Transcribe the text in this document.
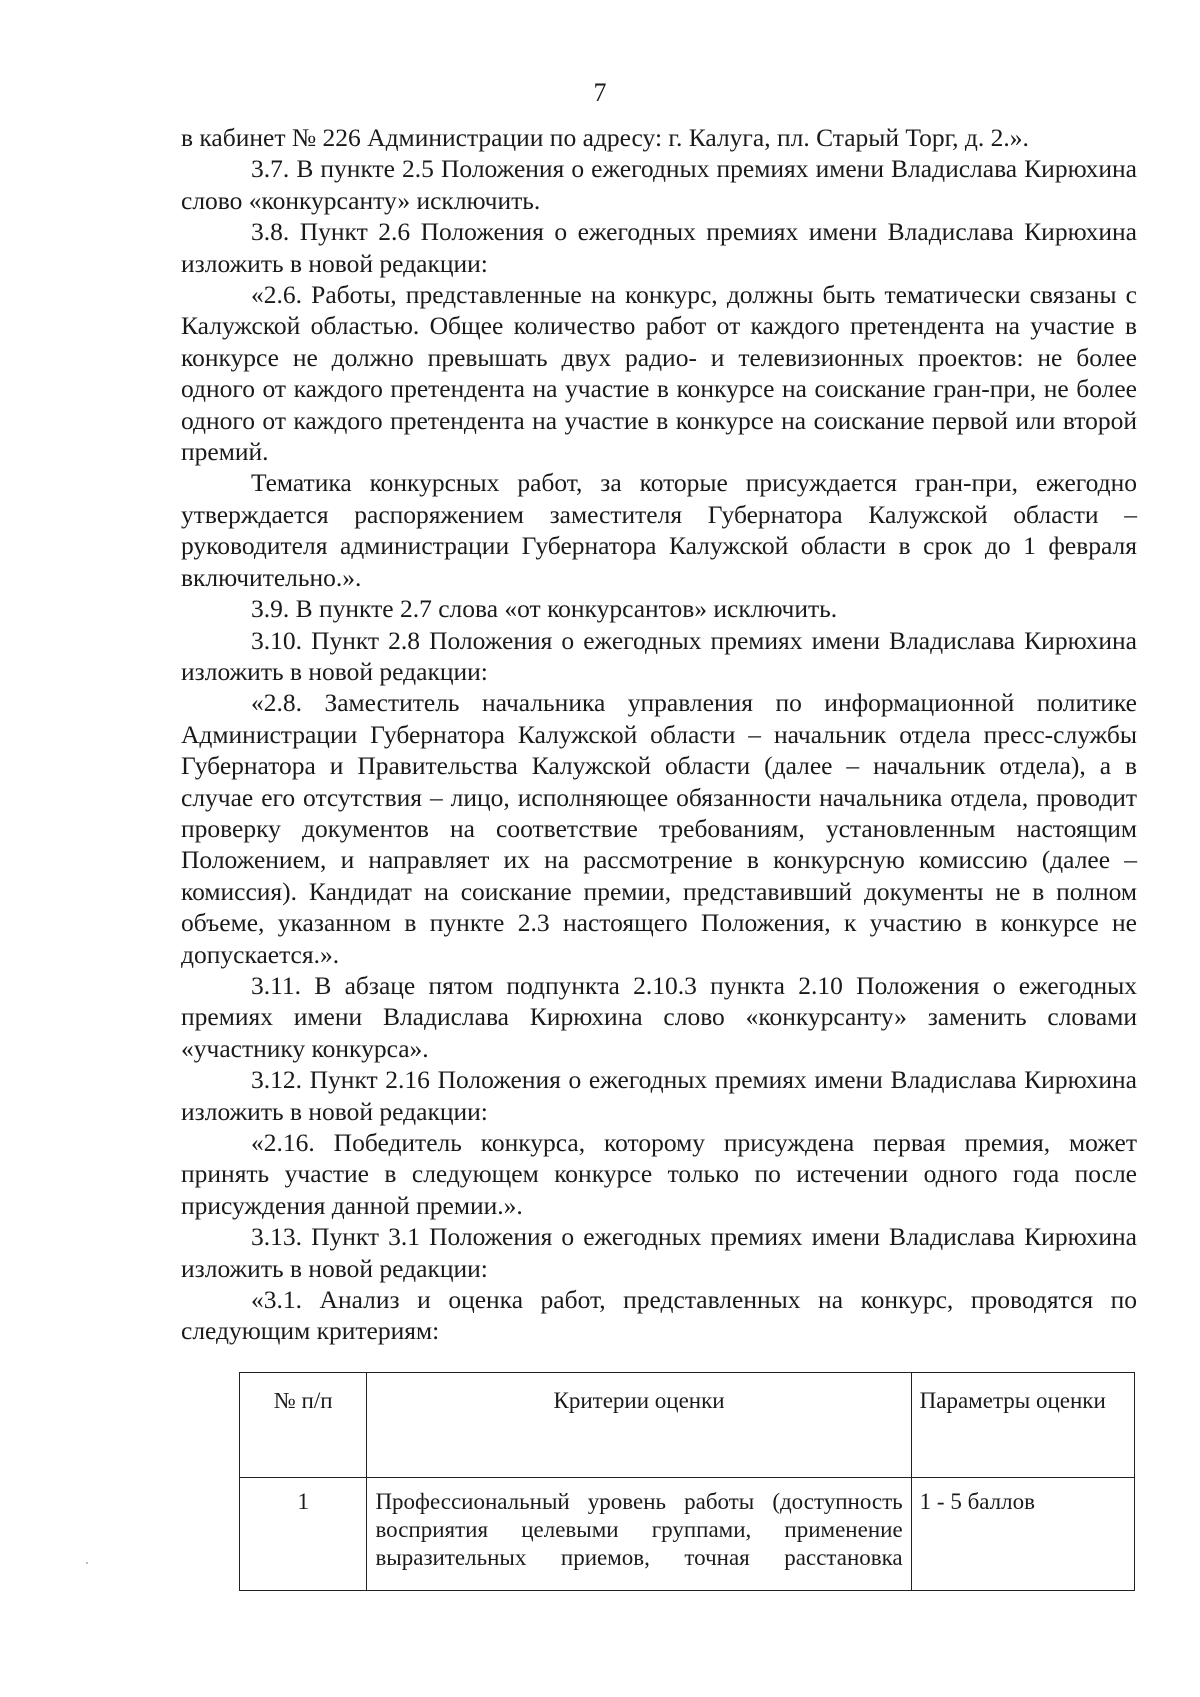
7

в кабинет № 226 Администрации по адресу: г. Калуга, пл. Старый Торг, д. 2.».

3.7. В пункте 2.5 Положения о ежегодных премиях имени Владислава Кирюхина слово «конкурсанту» исключить.

3.8. Пункт 2.6 Положения о ежегодных премиях имени Владислава Кирюхина изложить в новой редакции:

«2.6. Работы, представленные на конкурс, должны быть тематически связаны с Калужской областью. Общее количество работ от каждого претендента на участие в конкурсе не должно превышать двух радио- и телевизионных проектов: не более одного от каждого претендента на участие в конкурсе на соискание гран-при, не более одного от каждого претендента на участие в конкурсе на соискание первой или второй премий.

Тематика конкурсных работ, за которые присуждается гран-при, ежегодно утверждается распоряжением заместителя Губернатора Калужской области – руководителя администрации Губернатора Калужской области в срок до 1 февраля включительно.».

3.9. В пункте 2.7 слова «от конкурсантов» исключить.

3.10. Пункт 2.8 Положения о ежегодных премиях имени Владислава Кирюхина изложить в новой редакции:

«2.8. Заместитель начальника управления по информационной политике Администрации Губернатора Калужской области – начальник отдела пресс-службы Губернатора и Правительства Калужской области (далее – начальник отдела), а в случае его отсутствия – лицо, исполняющее обязанности начальника отдела, проводит проверку документов на соответствие требованиям, установленным настоящим Положением, и направляет их на рассмотрение в конкурсную комиссию (далее – комиссия). Кандидат на соискание премии, представивший документы не в полном объеме, указанном в пункте 2.3 настоящего Положения, к участию в конкурсе не допускается.».

3.11. В абзаце пятом подпункта 2.10.3 пункта 2.10 Положения о ежегодных премиях имени Владислава Кирюхина слово «конкурсанту» заменить словами «участнику конкурса».

3.12. Пункт 2.16 Положения о ежегодных премиях имени Владислава Кирюхина изложить в новой редакции:

«2.16. Победитель конкурса, которому присуждена первая премия, может принять участие в следующем конкурсе только по истечении одного года после присуждения данной премии.».

3.13. Пункт 3.1 Положения о ежегодных премиях имени Владислава Кирюхина изложить в новой редакции:

«3.1. Анализ и оценка работ, представленных на конкурс, проводятся по следующим критериям:

№ п/п	Критерии оценки	Параметры оценки
1	Профессиональный уровень работы (доступность восприятия целевыми группами, применение выразительных приемов, точная расстановка	1 - 5 баллов
